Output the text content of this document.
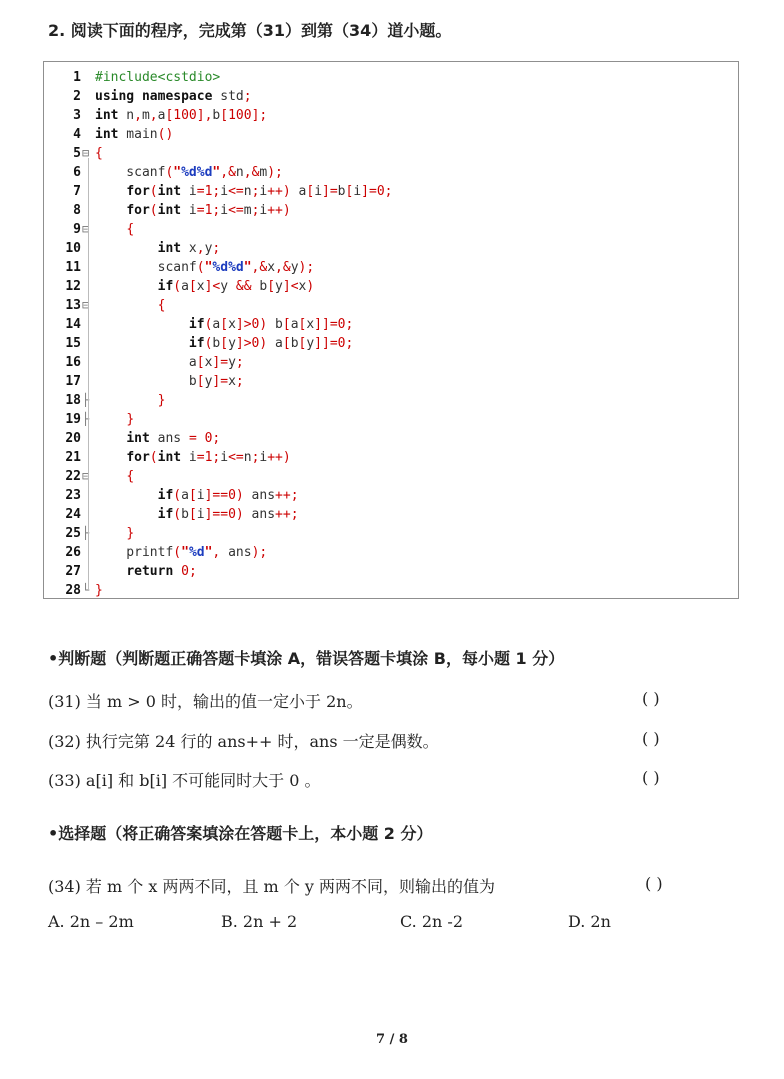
2. 阅读下面的程序，完成第（31）到第（34）道小题。
1 #include<cstdio>
2 using namespace std;
3 int n,m,a[100],b[100];
4 int main()
5 ⊟ {
6 scanf("%d%d",&n,&m);
7	for(int i=1;i<=n;i++) a[i]=b[i]=0;
8	for(int i=1;i<=m;i++)
9 ⊟	{
10	int x,y;
11 scanf("%d%d",&x,&y);
12	if(a[x]<y && b[y]<x)
13 ⊟	{
14	if(a[x]>0) b[a[x]]=0;
15	if(b[y]>0) a[b[y]]=0;
16 a[x]=y;
17 b[y]=x;
18 ├	}
19 ├	}
20	int ans = 0;
21	for(int i=1;i<=n;i++)
22 ⊟	{
23	if(a[i]==0) ans++;
24	if(b[i]==0) ans++;
25 ├	}
26 printf("%d", ans);
27	return 0;
28 └ }
•判断题（判断题正确答题卡填涂 A，错误答题卡填涂 B，每小题 1 分）
(31) 当 m > 0 时，输出的值一定小于 2n。	( )
(32) 执行完第 24 行的 ans++ 时，ans 一定是偶数。	( )
(33) a[i] 和 b[i] 不可能同时大于 0 。	( )
•选择题（将正确答案填涂在答题卡上，本小题 2 分）
(34) 若 m 个 x 两两不同，且 m 个 y 两两不同，则输出的值为	( )
A. 2n – 2m	B. 2n + 2	C. 2n -2	D. 2n
7 / 8
